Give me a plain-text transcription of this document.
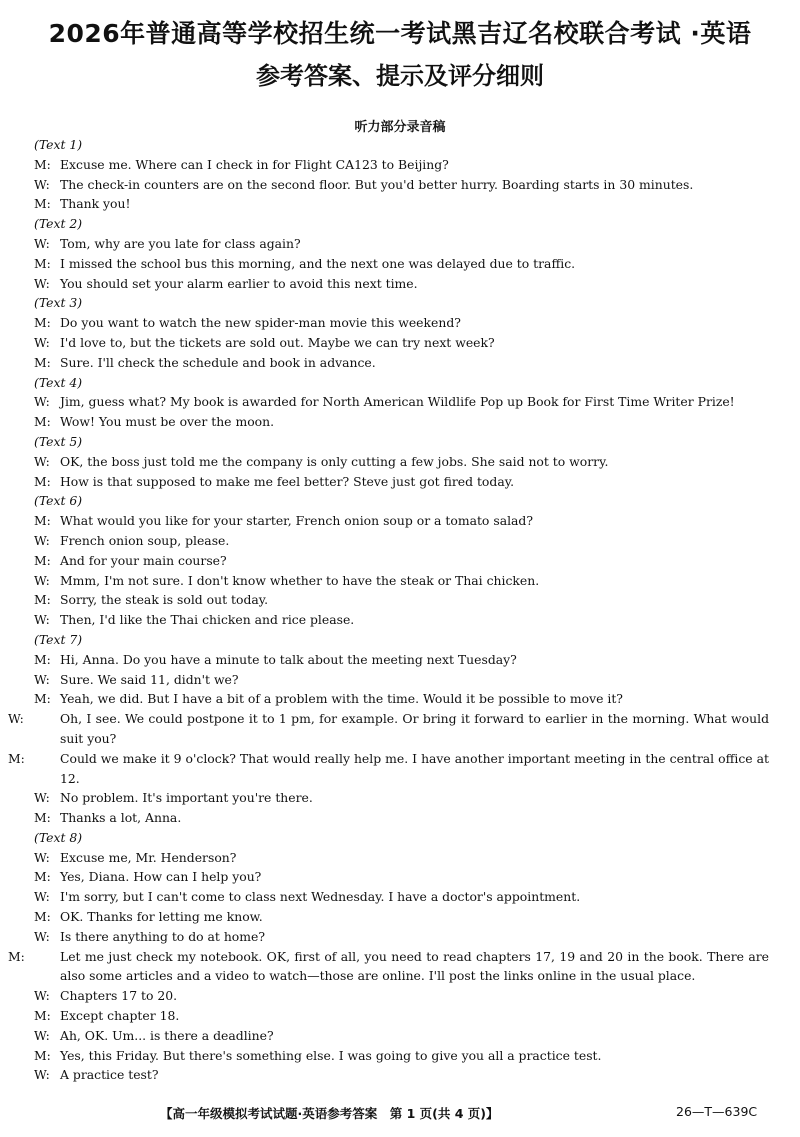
2026年普通高等学校招生统一考试黑吉辽名校联合考试 ·英语
参考答案、提示及评分细则
听力部分录音稿
(Text 1)
M: Excuse me. Where can I check in for Flight CA123 to Beijing?
W: The check-in counters are on the second floor. But you'd better hurry. Boarding starts in 30 minutes.
M: Thank you!
(Text 2)
W: Tom, why are you late for class again?
M: I missed the school bus this morning, and the next one was delayed due to traffic.
W: You should set your alarm earlier to avoid this next time.
(Text 3)
M: Do you want to watch the new spider-man movie this weekend?
W: I'd love to, but the tickets are sold out. Maybe we can try next week?
M: Sure. I'll check the schedule and book in advance.
(Text 4)
W: Jim, guess what? My book is awarded for North American Wildlife Pop up Book for First Time Writer Prize!
M: Wow! You must be over the moon.
(Text 5)
W: OK, the boss just told me the company is only cutting a few jobs. She said not to worry.
M: How is that supposed to make me feel better? Steve just got fired today.
(Text 6)
M: What would you like for your starter, French onion soup or a tomato salad?
W: French onion soup, please.
M: And for your main course?
W: Mmm, I'm not sure. I don't know whether to have the steak or Thai chicken.
M: Sorry, the steak is sold out today.
W: Then, I'd like the Thai chicken and rice please.
(Text 7)
M: Hi, Anna. Do you have a minute to talk about the meeting next Tuesday?
W: Sure. We said 11, didn't we?
M: Yeah, we did. But I have a bit of a problem with the time. Would it be possible to move it?
W:	Oh, I see. We could postpone it to 1 pm, for example. Or bring it forward to earlier in the morning. What would suit you?
M:	Could we make it 9 o'clock? That would really help me. I have another important meeting in the central office at 12.
W: No problem. It's important you're there.
M: Thanks a lot, Anna.
(Text 8)
W: Excuse me, Mr. Henderson?
M: Yes, Diana. How can I help you?
W: I'm sorry, but I can't come to class next Wednesday. I have a doctor's appointment.
M: OK. Thanks for letting me know.
W: Is there anything to do at home?
M:	Let me just check my notebook. OK, first of all, you need to read chapters 17, 19 and 20 in the book. There are also some articles and a video to watch—those are online. I'll post the links online in the usual place.
W: Chapters 17 to 20.
M: Except chapter 18.
W: Ah, OK. Um... is there a deadline?
M: Yes, this Friday. But there's something else. I was going to give you all a practice test.
W: A practice test?
【高一年级模拟考试试题·英语参考答案　第 1 页(共 4 页)】	26—T—639C
